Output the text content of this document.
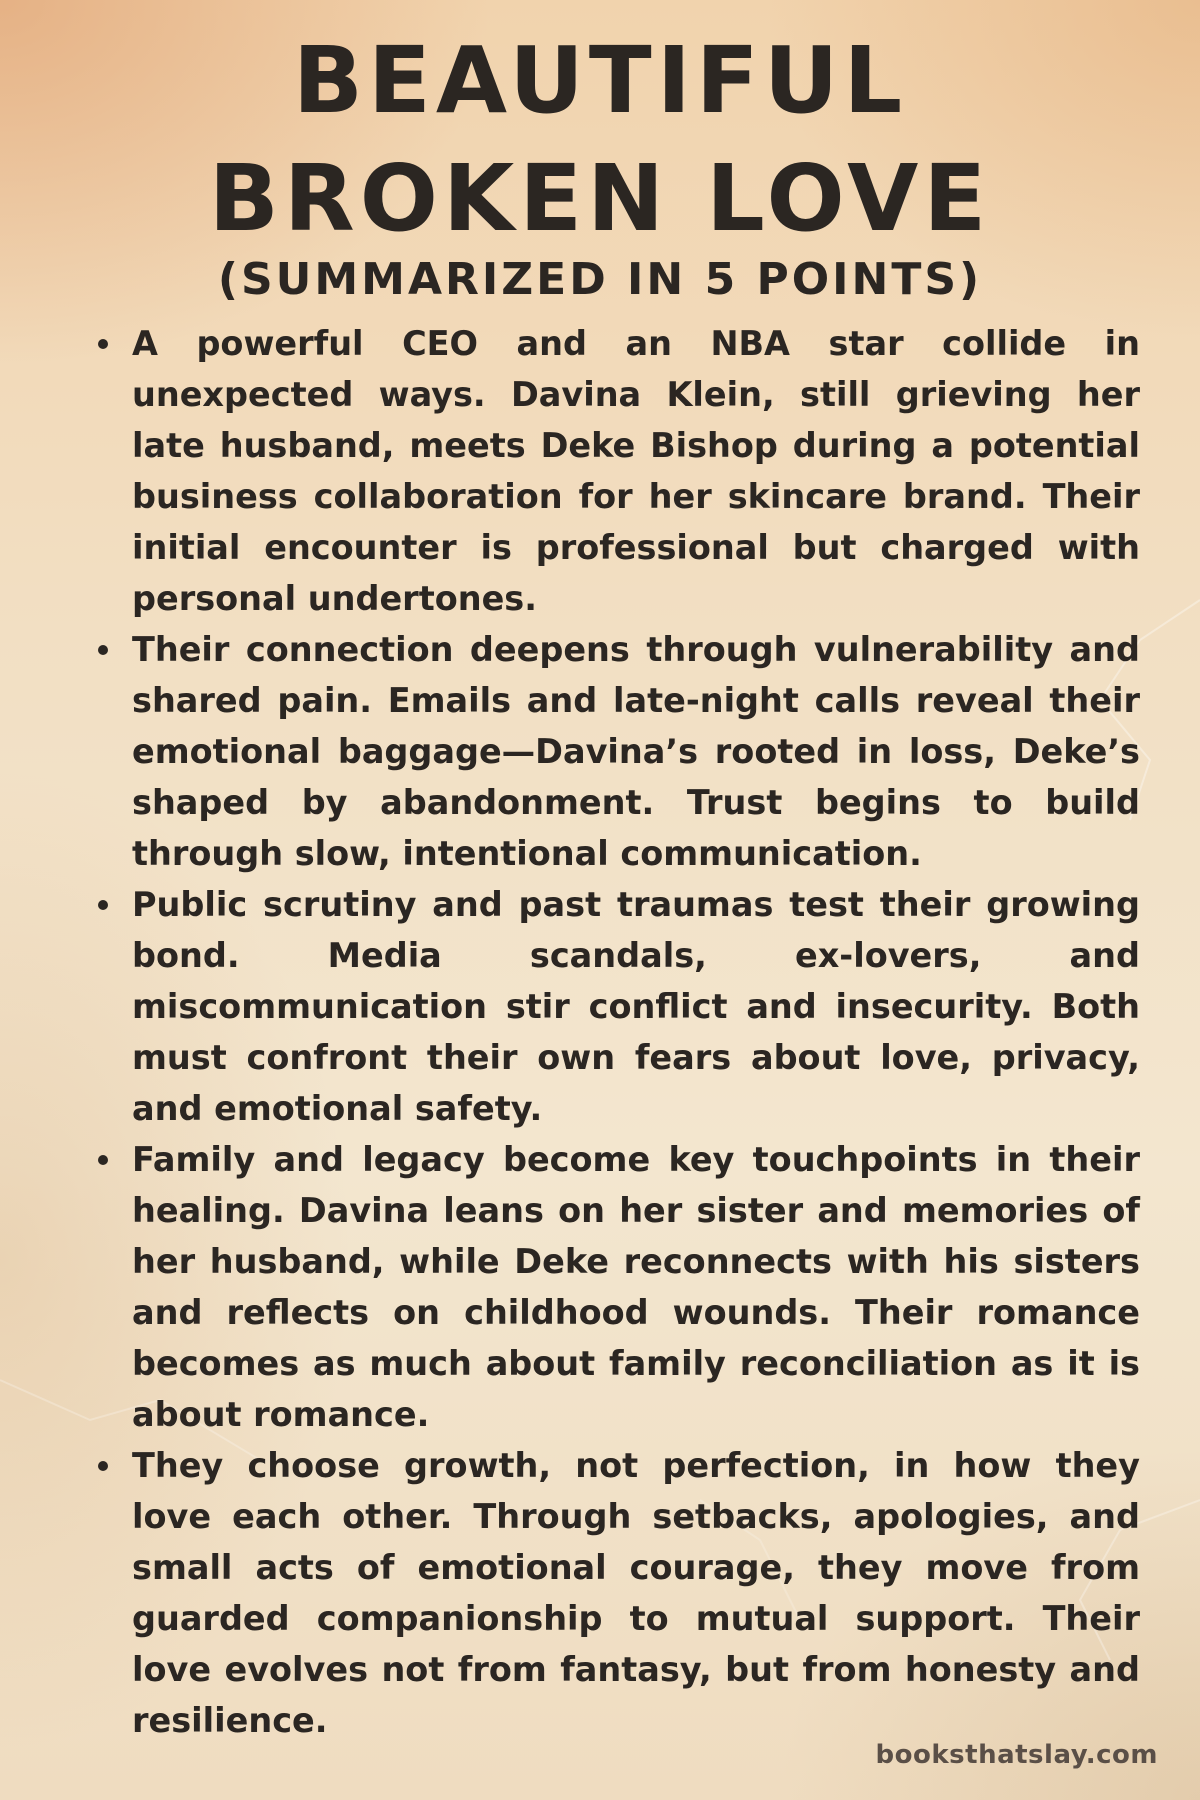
BEAUTIFUL BROKEN LOVE
(SUMMARIZED IN 5 POINTS)
A powerful CEO and an NBA star collide in unexpected ways. Davina Klein, still grieving her late husband, meets Deke Bishop during a potential business collaboration for her skincare brand. Their initial encounter is professional but charged with personal undertones.
Their connection deepens through vulnerability and shared pain. Emails and late-night calls reveal their emotional baggage—Davina’s rooted in loss, Deke’s shaped by abandonment. Trust begins to build through slow, intentional communication.
Public scrutiny and past traumas test their growing bond. Media scandals, ex-lovers, and miscommunication stir conflict and insecurity. Both must confront their own fears about love, privacy, and emotional safety.
Family and legacy become key touchpoints in their healing. Davina leans on her sister and memories of her husband, while Deke reconnects with his sisters and reflects on childhood wounds. Their romance becomes as much about family reconciliation as it is about romance.
They choose growth, not perfection, in how they love each other. Through setbacks, apologies, and small acts of emotional courage, they move from guarded companionship to mutual support. Their love evolves not from fantasy, but from honesty and resilience.
booksthatslay.com
